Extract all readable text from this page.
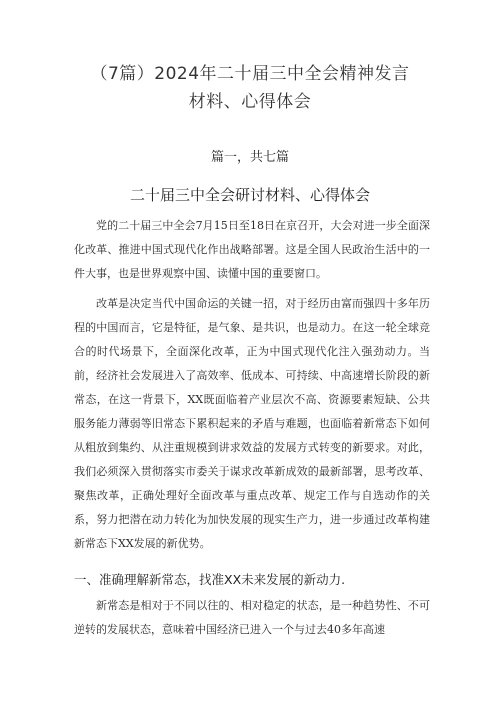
（7篇）2024年二十届三中全会精神发言
材料、心得体会
篇一，共七篇
二十届三中全会研讨材料、心得体会

党的二十届三中全会7月15日至18日在京召开，大会对进一步全面深化改革、推进中国式现代化作出战略部署。这是全国人民政治生活中的一件大事，也是世界观察中国、读懂中国的重要窗口。

改革是决定当代中国命运的关键一招，对于经历由富而强四十多年历程的中国而言，它是特征，是气象、是共识，也是动力。在这一轮全球竞合的时代场景下，全面深化改革，正为中国式现代化注入强劲动力。当前，经济社会发展进入了高效率、低成本、可持续、中高速增长阶段的新常态，在这一背景下，XX既面临着产业层次不高、资源要素短缺、公共服务能力薄弱等旧常态下累积起来的矛盾与难题，也面临着新常态下如何从粗放到集约、从注重规模到讲求效益的发展方式转变的新要求。对此，我们必须深入贯彻落实市委关于谋求改革新成效的最新部署，思考改革、聚焦改革，正确处理好全面改革与重点改革、规定工作与自选动作的关系，努力把潜在动力转化为加快发展的现实生产力，进一步通过改革构建新常态下XX发展的新优势。

一、准确理解新常态，找准XX未来发展的新动力.

新常态是相对于不同以往的、相对稳定的状态，是一种趋势性、不可逆转的发展状态，意味着中国经济已进入一个与过去40多年高速
